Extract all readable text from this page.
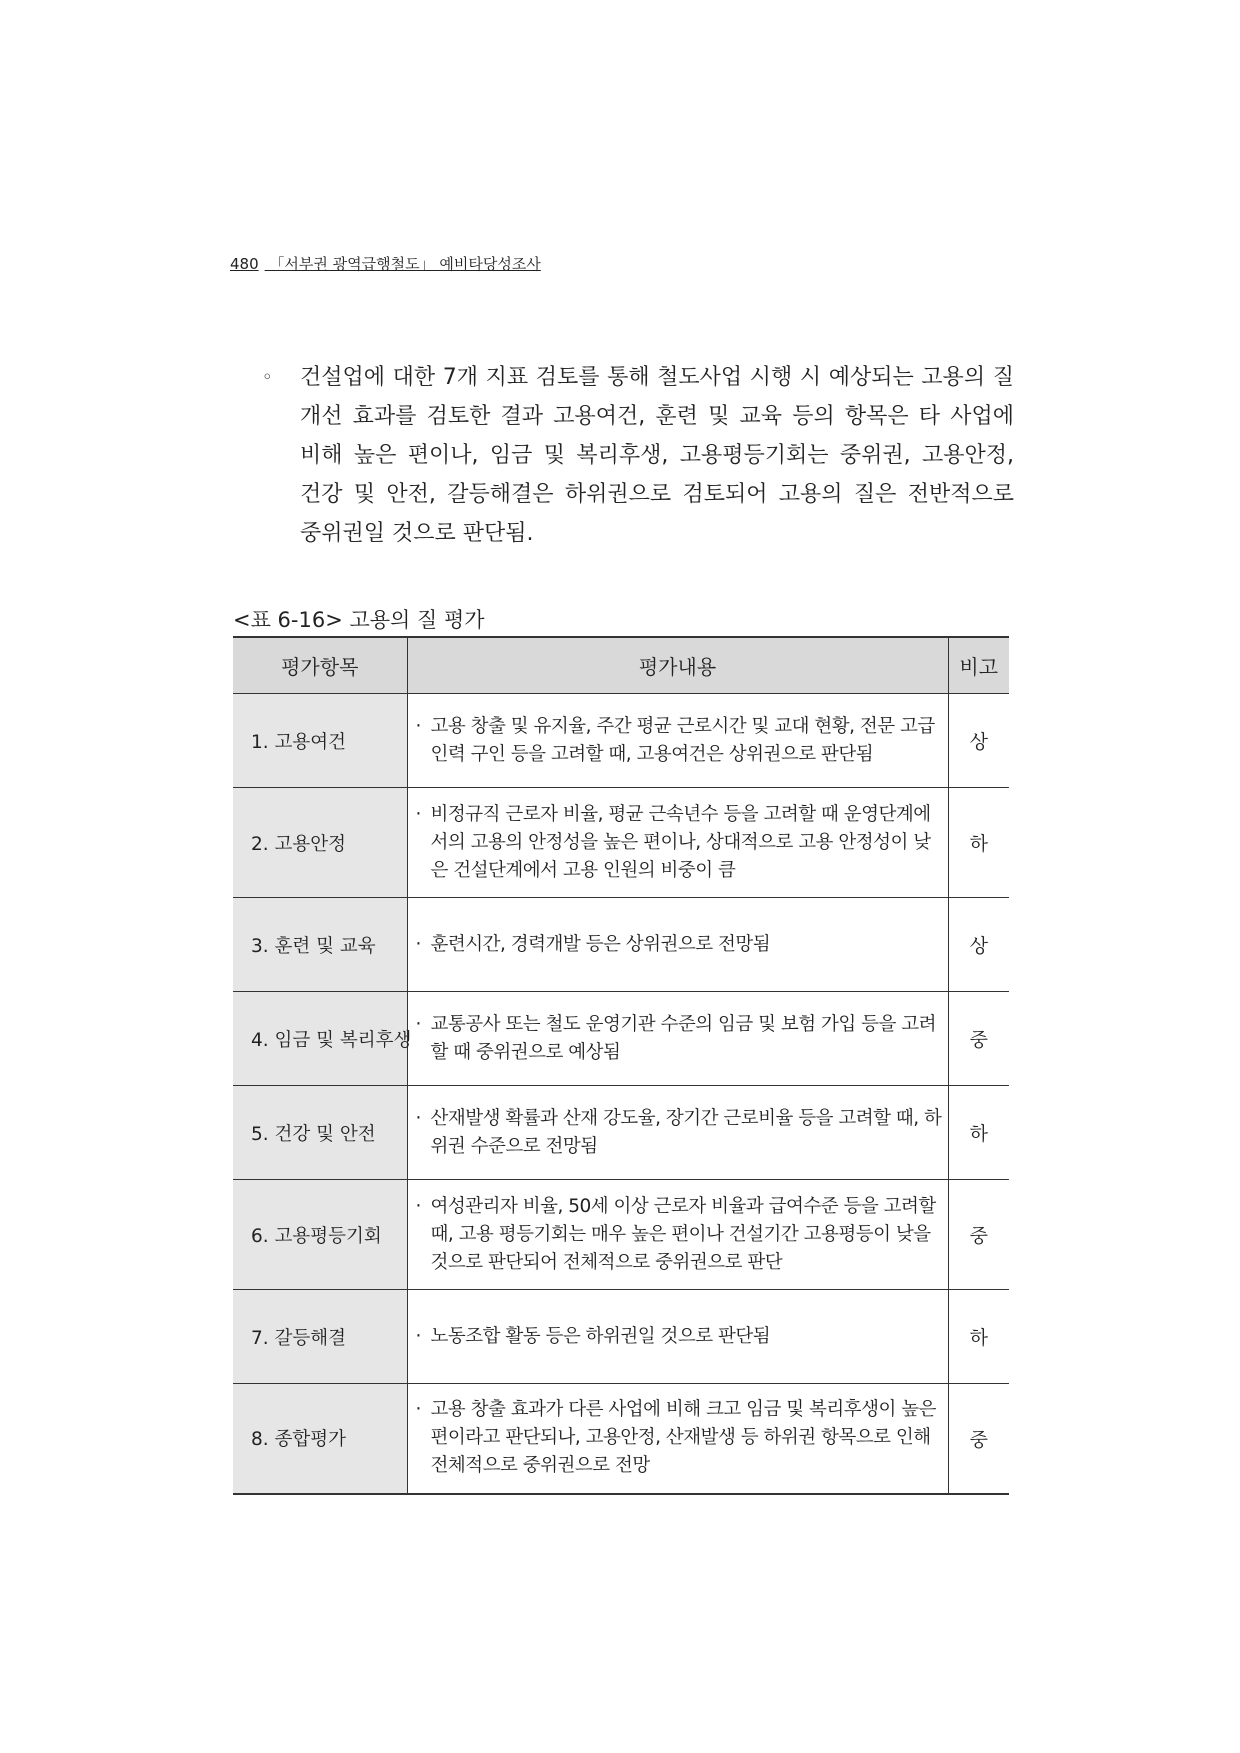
480 「서부권 광역급행철도」 예비타당성조사
◦ 건설업에 대한 7개 지표 검토를 통해 철도사업 시행 시 예상되는 고용의 질 개선 효과를 검토한 결과 고용여건, 훈련 및 교육 등의 항목은 타 사업에 비해 높은 편이나, 임금 및 복리후생, 고용평등기회는 중위권, 고용안정, 건강 및 안전, 갈등해결은 하위권으로 검토되어 고용의 질은 전반적으로 중위권일 것으로 판단됨.
<표 6-16> 고용의 질 평가
평가항목	평가내용	비고
1. 고용여건	· 고용 창출 및 유지율, 주간 평균 근로시간 및 교대 현황, 전문 고급인력 구인 등을 고려할 때, 고용여건은 상위권으로 판단됨	상
2. 고용안정	· 비정규직 근로자 비율, 평균 근속년수 등을 고려할 때 운영단계에서의 고용의 안정성을 높은 편이나, 상대적으로 고용 안정성이 낮은 건설단계에서 고용 인원의 비중이 큼	하
3. 훈련 및 교육	· 훈련시간, 경력개발 등은 상위권으로 전망됨	상
4. 임금 및 복리후생	· 교통공사 또는 철도 운영기관 수준의 임금 및 보험 가입 등을 고려할 때 중위권으로 예상됨	중
5. 건강 및 안전	· 산재발생 확률과 산재 강도율, 장기간 근로비율 등을 고려할 때, 하위권 수준으로 전망됨	하
6. 고용평등기회	· 여성관리자 비율, 50세 이상 근로자 비율과 급여수준 등을 고려할 때, 고용 평등기회는 매우 높은 편이나 건설기간 고용평등이 낮을 것으로 판단되어 전체적으로 중위권으로 판단	중
7. 갈등해결	· 노동조합 활동 등은 하위권일 것으로 판단됨	하
8. 종합평가	· 고용 창출 효과가 다른 사업에 비해 크고 임금 및 복리후생이 높은 편이라고 판단되나, 고용안정, 산재발생 등 하위권 항목으로 인해 전체적으로 중위권으로 전망	중
